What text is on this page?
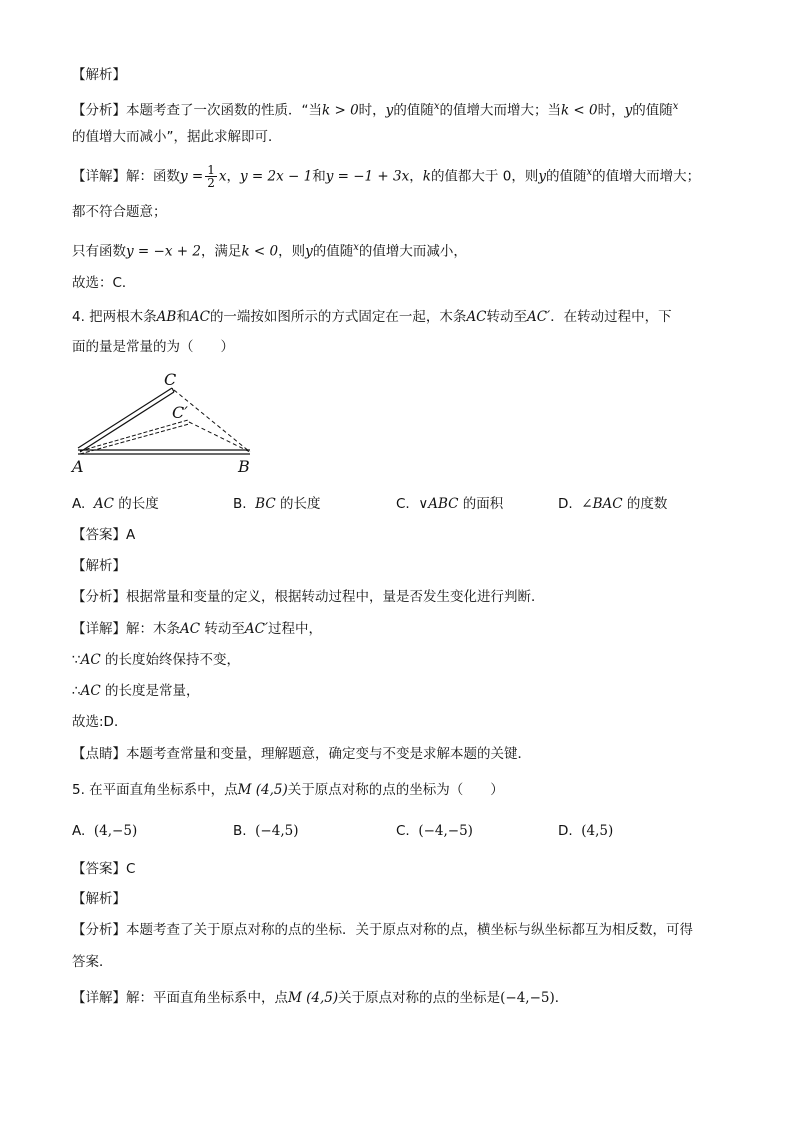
【解析】
【分析】本题考查了一次函数的性质．“当k > 0时，y的值随$^x$的值增大而增大；当k < 0时，y的值随$^x$
的值增大而减小”，据此求解即可．
【详解】解：函数$y = \frac{1}{2}$ x，y = 2x − 1和y = −1 + 3x，k的值都大于 0，则y的值随$^x$的值增大而增大；
都不符合题意；
只有函数y = −x + 2，满足k < 0，则y的值随$^x$的值增大而减小，
故选：C．
4. 把两根木条AB和AC的一端按如图所示的方式固定在一起，木条AC转动至AC′．在转动过程中，下
面的量是常量的为（　　）
C
C′
A	B
A. AC 的长度	B. BC 的长度	C. ∨ABC 的面积	D. ∠BAC 的度数
【答案】A
【解析】
【分析】根据常量和变量的定义，根据转动过程中，量是否发生变化进行判断．
【详解】解：木条AC 转动至AC′过程中，
∵AC 的长度始终保持不变，
∴AC 的长度是常量，
故选:D．
【点睛】本题考查常量和变量，理解题意，确定变与不变是求解本题的关键．
5. 在平面直角坐标系中，点M (4,5)关于原点对称的点的坐标为（　　）
A. (4,−5)	B. (−4,5)	C. (−4,−5)	D. (4,5)
【答案】C
【解析】
【分析】本题考查了关于原点对称的点的坐标．关于原点对称的点，横坐标与纵坐标都互为相反数，可得
答案．
【详解】解：平面直角坐标系中，点M (4,5)关于原点对称的点的坐标是(−4,−5)．
